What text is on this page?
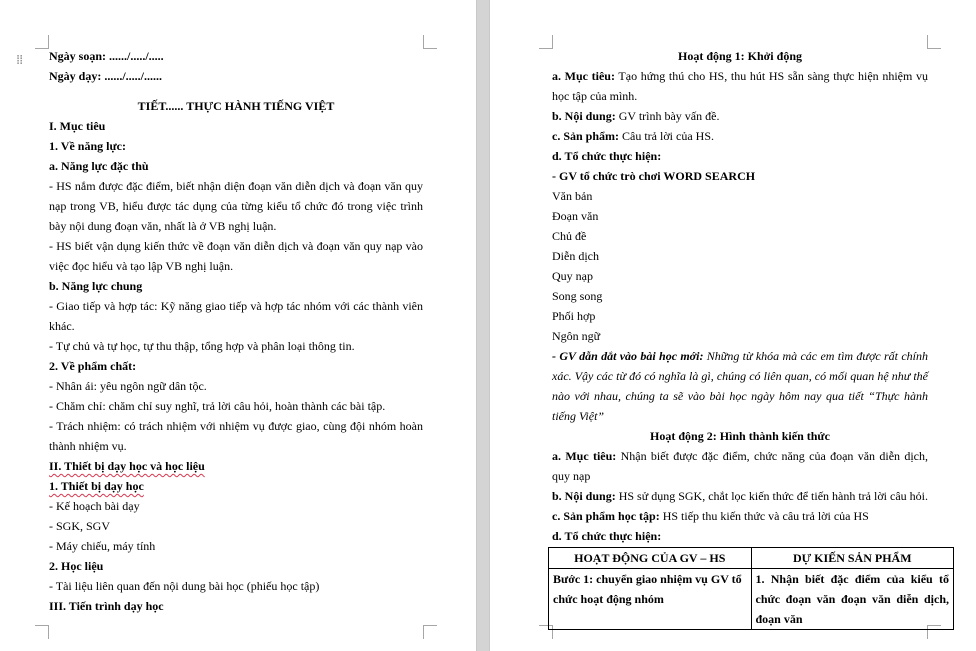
⁞⁞ Ngày soạn: ....../...../.....
Ngày dạy: ....../...../......
TIẾT...... THỰC HÀNH TIẾNG VIỆT
I. Mục tiêu
1. Về năng lực:
a. Năng lực đặc thù
- HS nắm được đặc điểm, biết nhận diện đoạn văn diễn dịch và đoạn văn quy nạp trong VB, hiểu được tác dụng của từng kiểu tổ chức đó trong việc trình bày nội dung đoạn văn, nhất là ở VB nghị luận.
- HS biết vận dụng kiến thức về đoạn văn diễn dịch và đoạn văn quy nạp vào việc đọc hiểu và tạo lập VB nghị luận.
b. Năng lực chung
- Giao tiếp và hợp tác: Kỹ năng giao tiếp và hợp tác nhóm với các thành viên khác.
- Tự chủ và tự học, tự thu thập, tổng hợp và phân loại thông tin.
2. Về phẩm chất:
- Nhân ái: yêu ngôn ngữ dân tộc.
- Chăm chỉ: chăm chỉ suy nghĩ, trả lời câu hỏi, hoàn thành các bài tập.
- Trách nhiệm: có trách nhiệm với nhiệm vụ được giao, cùng đội nhóm hoàn thành nhiệm vụ.
II. Thiết bị dạy học và học liệu
1. Thiết bị dạy học
- Kế hoạch bài dạy
- SGK, SGV
- Máy chiếu, máy tính
2. Học liệu
- Tài liệu liên quan đến nội dung bài học (phiếu học tập)
III. Tiến trình dạy học
Hoạt động 1: Khởi động
a. Mục tiêu: Tạo hứng thú cho HS, thu hút HS sẵn sàng thực hiện nhiệm vụ học tập của mình.
b. Nội dung: GV trình bày vấn đề.
c. Sản phẩm: Câu trả lời của HS.
d. Tổ chức thực hiện:
- GV tổ chức trò chơi WORD SEARCH
Văn bản
Đoạn văn
Chủ đề
Diễn dịch
Quy nạp
Song song
Phối hợp
Ngôn ngữ
- GV dẫn dắt vào bài học mới: Những từ khóa mà các em tìm được rất chính xác. Vậy các từ đó có nghĩa là gì, chúng có liên quan, có mối quan hệ như thế nào với nhau, chúng ta sẽ vào bài học ngày hôm nay qua tiết “Thực hành tiếng Việt”
Hoạt động 2: Hình thành kiến thức
a. Mục tiêu: Nhận biết được đặc điểm, chức năng của đoạn văn diễn dịch, quy nạp
b. Nội dung: HS sử dụng SGK, chắt lọc kiến thức để tiến hành trả lời câu hỏi.
c. Sản phẩm học tập: HS tiếp thu kiến thức và câu trả lời của HS
d. Tổ chức thực hiện:
HOẠT ĐỘNG CỦA GV – HS	DỰ KIẾN SẢN PHẨM
Bước 1: chuyển giao nhiệm vụ GV tổ chức hoạt động nhóm	1. Nhận biết đặc điểm của kiểu tổ chức đoạn văn đoạn văn diễn dịch, đoạn văn
